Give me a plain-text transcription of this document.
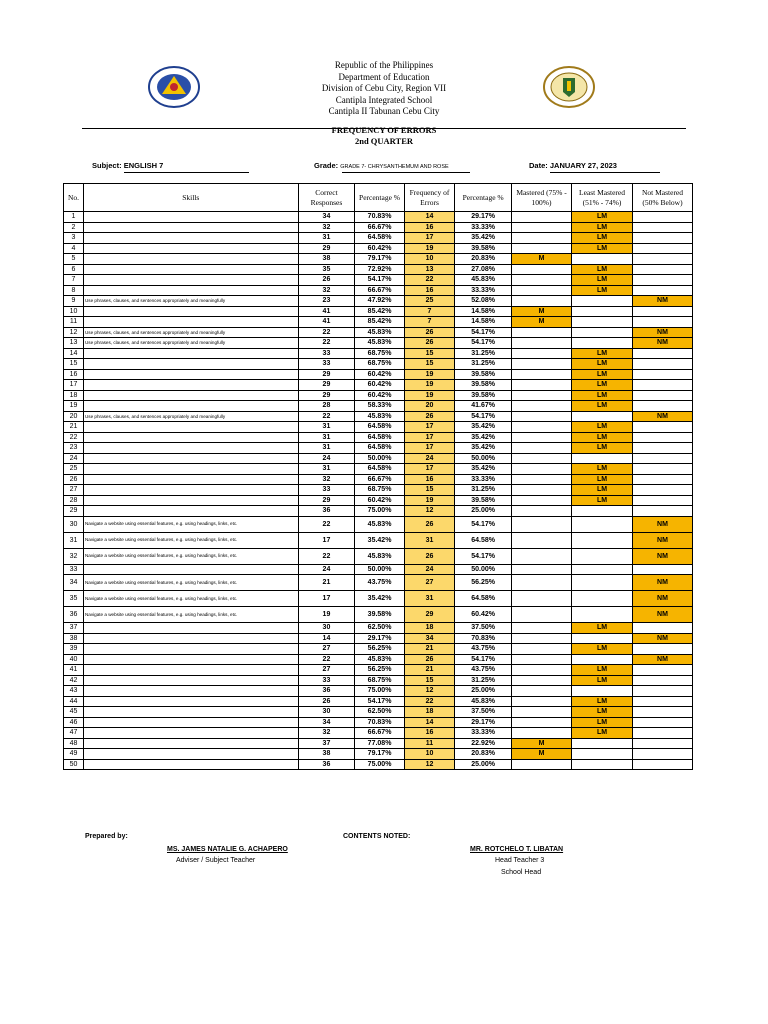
Republic of the Philippines
Department of Education
Division of Cebu City, Region VII
Cantipla Integrated School
Cantipla II Tabunan Cebu City
FREQUENCY OF ERRORS
2nd QUARTER
Subject: ENGLISH 7	Grade: GRADE 7- CHRYSANTHEMUM AND ROSE	Date: JANUARY 27, 2023
No.	Skills	Correct Responses	Percentage %	Frequency of Errors	Percentage %	Mastered (75% - 100%)	Least Mastered (51% - 74%)	Not Mastered (50% Below)
1		34	70.83%	14	29.17%		LM	
2		32	66.67%	16	33.33%		LM	
3		31	64.58%	17	35.42%		LM	
4		29	60.42%	19	39.58%		LM	
5		38	79.17%	10	20.83%	M		
6		35	72.92%	13	27.08%		LM	
7		26	54.17%	22	45.83%		LM	
8		32	66.67%	16	33.33%		LM	
9	Use phrases, clauses, and sentences appropriately and meaningfully	23	47.92%	25	52.08%			NM
10		41	85.42%	7	14.58%	M		
11		41	85.42%	7	14.58%	M		
12	Use phrases, clauses, and sentences appropriately and meaningfully	22	45.83%	26	54.17%			NM
13	Use phrases, clauses, and sentences appropriately and meaningfully	22	45.83%	26	54.17%			NM
14		33	68.75%	15	31.25%		LM	
15		33	68.75%	15	31.25%		LM	
16		29	60.42%	19	39.58%		LM	
17		29	60.42%	19	39.58%		LM	
18		29	60.42%	19	39.58%		LM	
19		28	58.33%	20	41.67%		LM	
20	Use phrases, clauses, and sentences appropriately and meaningfully	22	45.83%	26	54.17%			NM
21		31	64.58%	17	35.42%		LM	
22		31	64.58%	17	35.42%		LM	
23		31	64.58%	17	35.42%		LM	
24		24	50.00%	24	50.00%			
25		31	64.58%	17	35.42%		LM	
26		32	66.67%	16	33.33%		LM	
27		33	68.75%	15	31.25%		LM	
28		29	60.42%	19	39.58%		LM	
29		36	75.00%	12	25.00%			
30	Navigate a website using essential features, e.g. using headings, links, etc.	22	45.83%	26	54.17%			NM
31	Navigate a website using essential features, e.g. using headings, links, etc.	17	35.42%	31	64.58%			NM
32	Navigate a website using essential features, e.g. using headings, links, etc.	22	45.83%	26	54.17%			NM
33		24	50.00%	24	50.00%			
34	Navigate a website using essential features, e.g. using headings, links, etc.	21	43.75%	27	56.25%			NM
35	Navigate a website using essential features, e.g. using headings, links, etc.	17	35.42%	31	64.58%			NM
36	Navigate a website using essential features, e.g. using headings, links, etc.	19	39.58%	29	60.42%			NM
37		30	62.50%	18	37.50%		LM	
38		14	29.17%	34	70.83%			NM
39		27	56.25%	21	43.75%		LM	
40		22	45.83%	26	54.17%			NM
41		27	56.25%	21	43.75%		LM	
42		33	68.75%	15	31.25%		LM	
43		36	75.00%	12	25.00%			
44		26	54.17%	22	45.83%		LM	
45		30	62.50%	18	37.50%		LM	
46		34	70.83%	14	29.17%		LM	
47		32	66.67%	16	33.33%		LM	
48		37	77.08%	11	22.92%	M		
49		38	79.17%	10	20.83%	M		
50		36	75.00%	12	25.00%			
Prepared by:	CONTENTS NOTED:
MS. JAMES NATALIE G. ACHAPERO
Adviser / Subject Teacher
MR. ROTCHELO T. LIBATAN
Head Teacher 3
School Head
